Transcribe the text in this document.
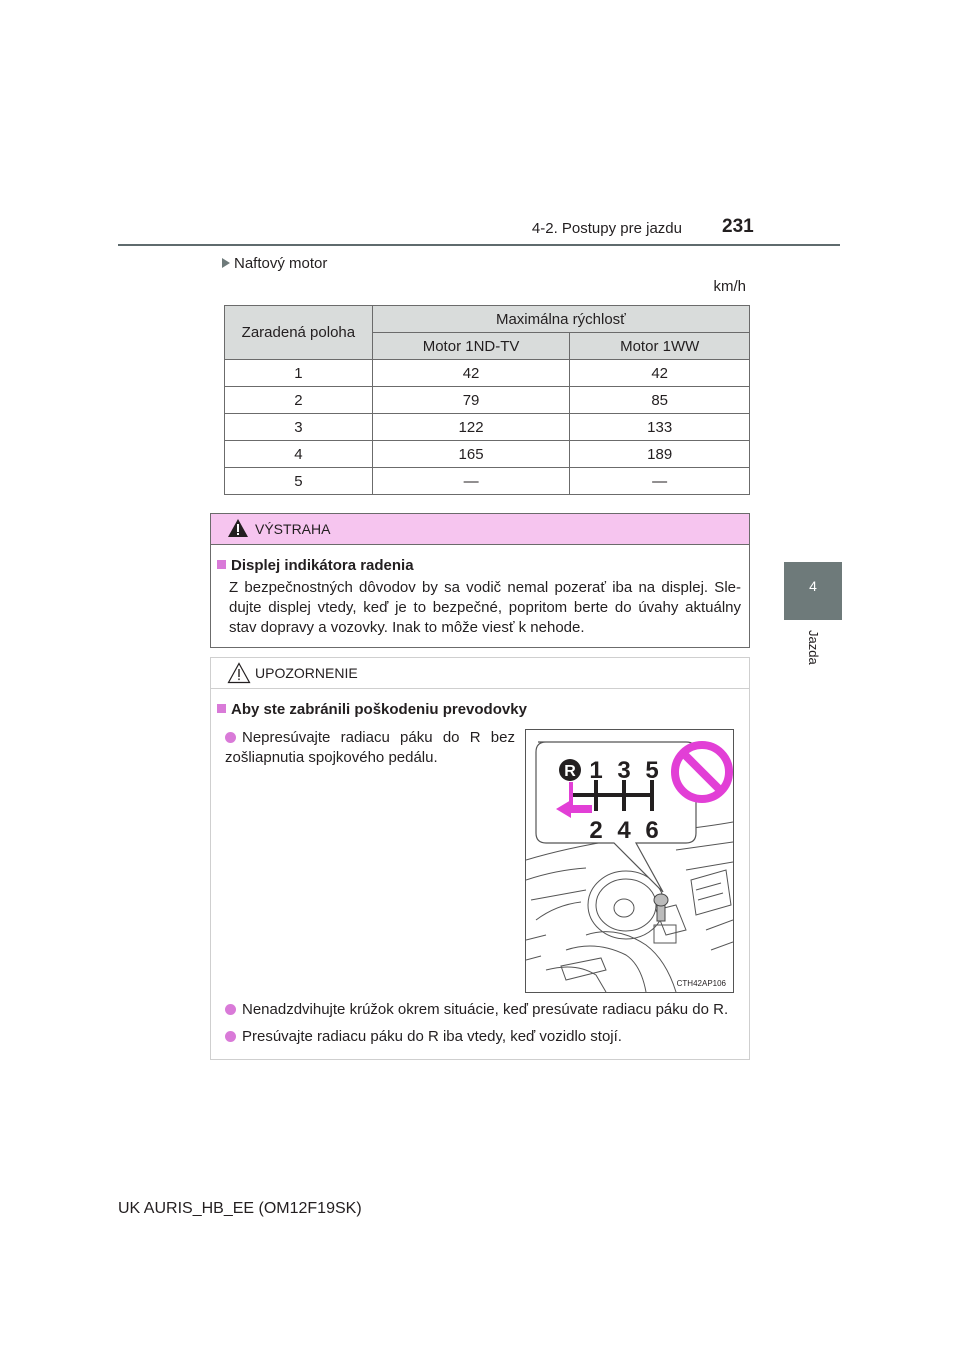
4-2. Postupy pre jazdu 231
4
Jazda
Naftový motor
km/h
Zaradená poloha	Maximálna rýchlosť	
	Motor 1ND-TV	Motor 1WW
1	42	42
2	79	85
3	122	133
4	165	189
5	—	—
VÝSTRAHA
Displej indikátora radenia
Z bezpečnostných dôvodov by sa vodič nemal pozerať iba na displej. Sle-dujte displej vtedy, keď je to bezpečné, popritom berte do úvahy aktuálny stav dopravy a vozovky. Inak to môže viesť k nehode.
UPOZORNENIE
Aby ste zabránili poškodeniu prevodovky
Nepresúvajte radiacu páku do R bez zošliapnutia spojkového pedálu.
Nenadzdvihujte krúžok okrem situácie, keď presúvate radiacu páku do R.
Presúvajte radiacu páku do R iba vtedy, keď vozidlo stojí.
R 1 3 5
2 4 6
CTH42AP106
UK AURIS_HB_EE (OM12F19SK)
